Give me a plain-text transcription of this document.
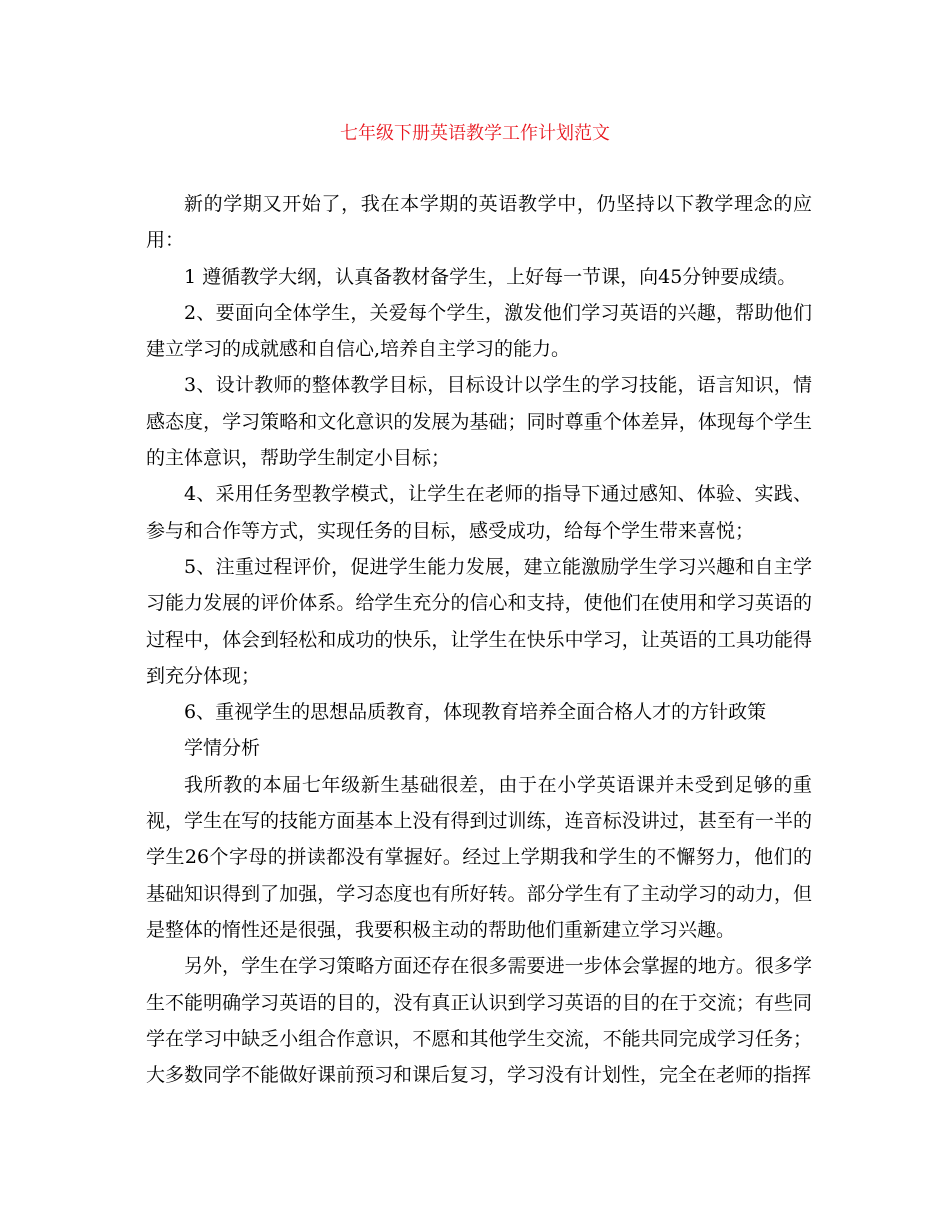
七年级下册英语教学工作计划范文

新的学期又开始了，我在本学期的英语教学中，仍坚持以下教学理念的应用：

1 遵循教学大纲，认真备教材备学生，上好每一节课，向45分钟要成绩。

2、要面向全体学生，关爱每个学生，激发他们学习英语的兴趣，帮助他们建立学习的成就感和自信心,培养自主学习的能力。

3、设计教师的整体教学目标，目标设计以学生的学习技能，语言知识，情感态度，学习策略和文化意识的发展为基础；同时尊重个体差异，体现每个学生的主体意识，帮助学生制定小目标；

4、采用任务型教学模式，让学生在老师的指导下通过感知、体验、实践、参与和合作等方式，实现任务的目标，感受成功，给每个学生带来喜悦；

5、注重过程评价，促进学生能力发展，建立能激励学生学习兴趣和自主学习能力发展的评价体系。给学生充分的信心和支持，使他们在使用和学习英语的过程中，体会到轻松和成功的快乐，让学生在快乐中学习，让英语的工具功能得到充分体现；

6、重视学生的思想品质教育，体现教育培养全面合格人才的方针政策

学情分析

我所教的本届七年级新生基础很差，由于在小学英语课并未受到足够的重视，学生在写的技能方面基本上没有得到过训练，连音标没讲过，甚至有一半的学生26个字母的拼读都没有掌握好。经过上学期我和学生的不懈努力，他们的基础知识得到了加强，学习态度也有所好转。部分学生有了主动学习的动力，但是整体的惰性还是很强，我要积极主动的帮助他们重新建立学习兴趣。

另外，学生在学习策略方面还存在很多需要进一步体会掌握的地方。很多学生不能明确学习英语的目的，没有真正认识到学习英语的目的在于交流；有些同学在学习中缺乏小组合作意识，不愿和其他学生交流，不能共同完成学习任务；大多数同学不能做好课前预习和课后复习，学习没有计划性，完全在老师的指挥
